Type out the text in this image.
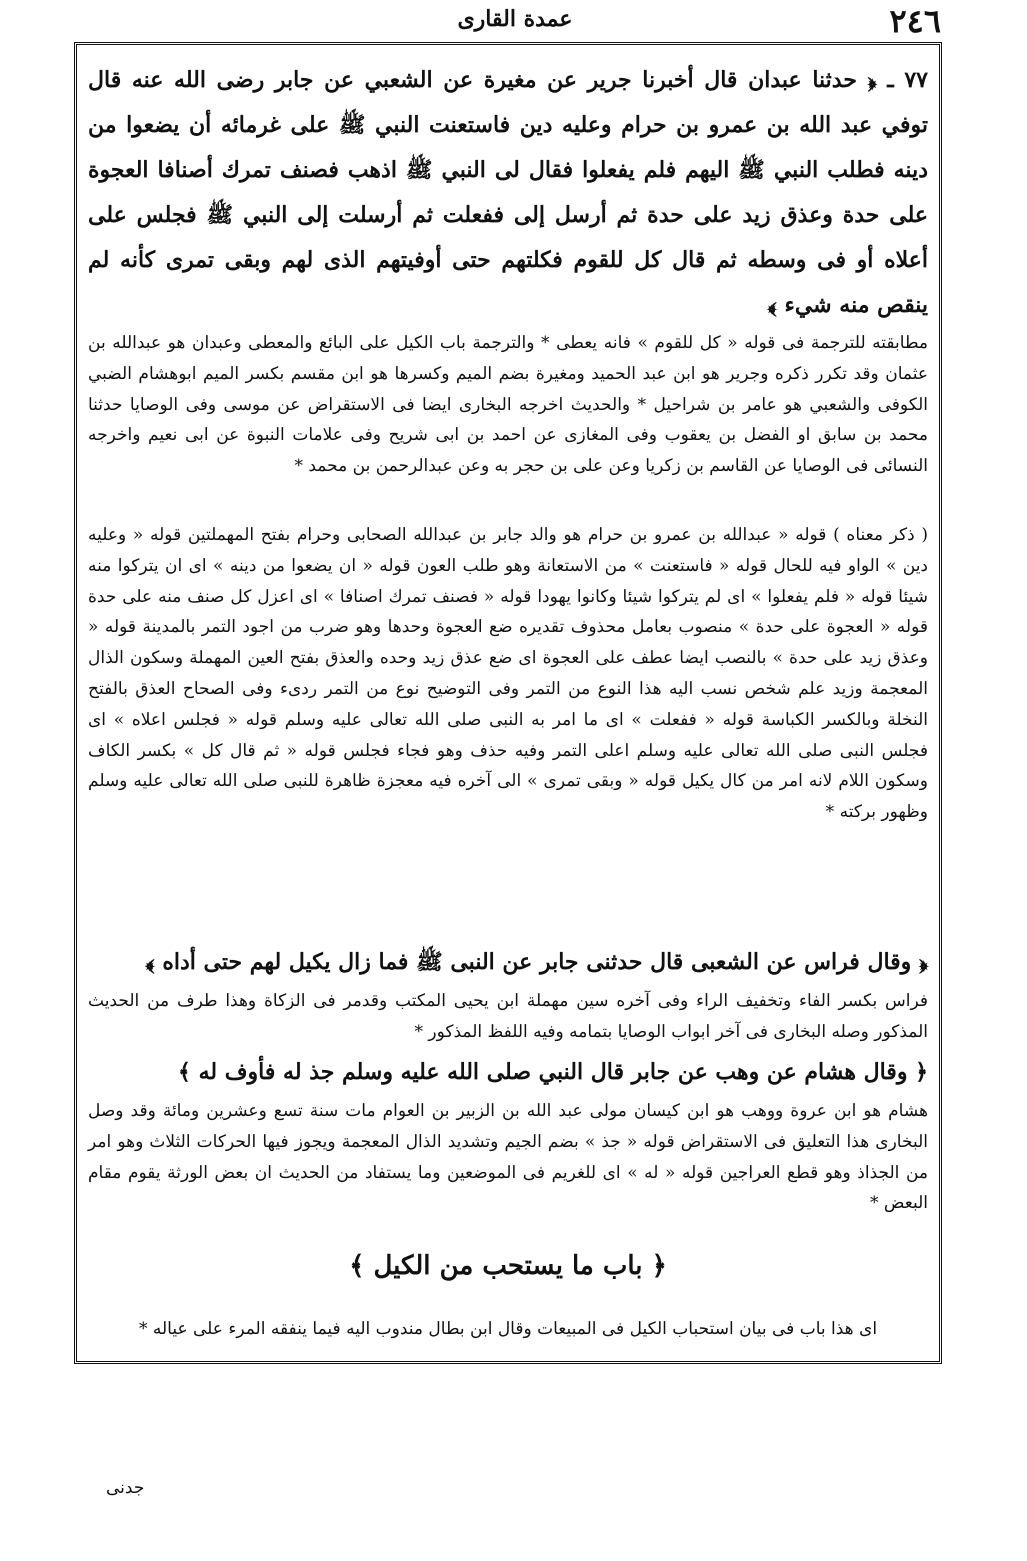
٢٤٦
عمدة القارى

٧٧ ـ ﴿ حدثنا عبدان قال أخبرنا جرير عن مغيرة عن الشعبي عن جابر رضى الله عنه قال توفي عبد الله بن عمرو بن حرام وعليه دين فاستعنت النبي ﷺ على غرمائه أن يضعوا من دينه فطلب النبي ﷺ اليهم فلم يفعلوا فقال لى النبي ﷺ اذهب فصنف تمرك أصنافا العجوة على حدة وعذق زيد على حدة ثم أرسل إلى ففعلت ثم أرسلت إلى النبي ﷺ فجلس على أعلاه أو فى وسطه ثم قال كل للقوم فكلتهم حتى أوفيتهم الذى لهم وبقى تمرى كأنه لم ينقص منه شيء ﴾

مطابقته للترجمة فى قوله « كل للقوم » فانه يعطى * والترجمة باب الكيل على البائع والمعطى وعبدان هو عبدالله بن عثمان وقد تكرر ذكره وجرير هو ابن عبد الحميد ومغيرة بضم الميم وكسرها هو ابن مقسم بكسر الميم ابوهشام الضبي الكوفى والشعبي هو عامر بن شراحيل * والحديث اخرجه البخارى ايضا فى الاستقراض عن موسى وفى الوصايا حدثنا محمد بن سابق او الفضل بن يعقوب وفى المغازى عن احمد بن ابى شريح وفى علامات النبوة عن ابى نعيم واخرجه النسائى فى الوصايا عن القاسم بن زكريا وعن على بن حجر به وعن عبدالرحمن بن محمد *

( ذكر معناه ) قوله « عبدالله بن عمرو بن حرام هو والد جابر بن عبدالله الصحابى وحرام بفتح المهملتين قوله « وعليه دين » الواو فيه للحال قوله « فاستعنت » من الاستعانة وهو طلب العون قوله « ان يضعوا من دينه » اى ان يتركوا منه شيئا قوله « فلم يفعلوا » اى لم يتركوا شيئا وكانوا يهودا قوله « فصنف تمرك اصنافا » اى اعزل كل صنف منه على حدة قوله « العجوة على حدة » منصوب بعامل محذوف تقديره ضع العجوة وحدها وهو ضرب من اجود التمر بالمدينة قوله « وعذق زيد على حدة » بالنصب ايضا عطف على العجوة اى ضع عذق زيد وحده والعذق بفتح العين المهملة وسكون الذال المعجمة وزيد علم شخص نسب اليه هذا النوع من التمر وفى التوضيح نوع من التمر ردىء وفى الصحاح العذق بالفتح النخلة وبالكسر الكباسة قوله « ففعلت » اى ما امر به النبى صلى الله تعالى عليه وسلم قوله « فجلس اعلاه » اى فجلس النبى صلى الله تعالى عليه وسلم اعلى التمر وفيه حذف وهو فجاء فجلس قوله « ثم قال كل » بكسر الكاف وسكون اللام لانه امر من كال يكيل قوله « وبقى تمرى » الى آخره فيه معجزة ظاهرة للنبى صلى الله تعالى عليه وسلم وظهور بركته *

﴿ وقال فراس عن الشعبى قال حدثنى جابر عن النبى ﷺ فما زال يكيل لهم حتى أداه ﴾

فراس بكسر الفاء وتخفيف الراء وفى آخره سين مهملة ابن يحيى المكتب وقدمر فى الزكاة وهذا طرف من الحديث المذكور وصله البخارى فى آخر ابواب الوصايا بتمامه وفيه اللفظ المذكور *

﴿ وقال هشام عن وهب عن جابر قال النبي صلى الله عليه وسلم جذ له فأوف له ﴾

هشام هو ابن عروة ووهب هو ابن كيسان مولى عبد الله بن الزبير بن العوام مات سنة تسع وعشرين ومائة وقد وصل البخارى هذا التعليق فى الاستقراض قوله « جذ » بضم الجيم وتشديد الذال المعجمة ويجوز فيها الحركات الثلاث وهو امر من الجذاذ وهو قطع العراجين قوله « له » اى للغريم فى الموضعين وما يستفاد من الحديث ان بعض الورثة يقوم مقام البعض *

﴿ باب ما يستحب من الكيل ﴾

اى هذا باب فى بيان استحباب الكيل فى المبيعات وقال ابن بطال مندوب اليه فيما ينفقه المرء على عياله *

جدنى
